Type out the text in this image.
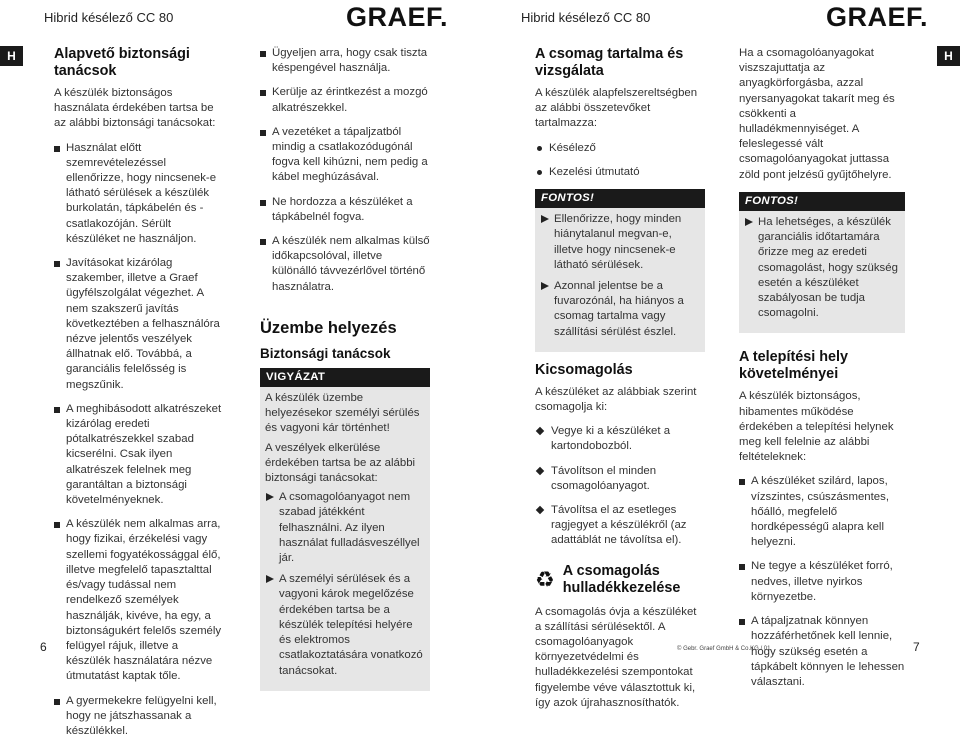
Hibrid késélező CC 80	GRAEF.
H	Alapvető biztonsági tanácsok

A készülék biztonságos használata érdekében tartsa be az alábbi biztonsági tanácsokat:

Használat előtt szemrevételezéssel ellenőrizze, hogy nincsenek-e látható sérülések a készülék burkolatán, tápkábelén és -csatlakozóján. Sérült készüléket ne használjon.
Javításokat kizárólag szakember, illetve a Graef ügyfélszolgálat végezhet. A nem szakszerű javítás következtében a felhasználóra nézve jelentős veszélyek állhatnak elő. Továbbá, a garanciális felelősség is megszűnik.
A meghibásodott alkatrészeket kizárólag eredeti pótalkatrészekkel szabad kicserélni. Csak ilyen alkatrészek felelnek meg garantáltan a biztonsági követelményeknek.
A készülék nem alkalmas arra, hogy fizikai, érzékelési vagy szellemi fogyatékossággal élő, illetve megfelelő tapasztalttal és/vagy tudással nem rendelkező személyek használják, kivéve, ha egy, a biztonságukért felelős személy felügyel rájuk, illetve a készülék használatára nézve útmutatást kaptak tőle.
A gyermekekre felügyelni kell, hogy ne játszhassanak a készülékkel.
Ügyeljen arra, hogy csak tiszta késpengével használja.
Kerülje az érintkezést a mozgó alkatrészekkel.
A vezetéket a tápaljzatból mindig a csatlakozódugónál fogva kell kihúzni, nem pedig a kábel meghúzásával.
Ne hordozza a készüléket a tápkábelnél fogva.
A készülék nem alkalmas külső időkapcsolóval, illetve különálló távvezérlővel történő használatra.
Üzembe helyezés
Biztonsági tanácsok
VIGYÁZAT

A készülék üzembe helyezésekor személyi sérülés és vagyoni kár történhet!

A veszélyek elkerülése érdekében tartsa be az alábbi biztonsági tanácsokat:

A csomagolóanyagot nem szabad játékként felhasználni. Az ilyen használat fulladásveszéllyel jár.
A személyi sérülések és a vagyoni károk megelőzése érdekében tartsa be a készülék telepítési helyére és elektromos csatlakoztatására vonatkozó tanácsokat.
6
Hibrid késélező CC 80	GRAEF.
H
A csomag tartalma és vizsgálata

A készülék alapfelszereltségben az alábbi összetevőket tartalmazza:

Késélező
Kezelési útmutató
FONTOS!
Ellenőrizze, hogy minden hiánytalanul megvan-e, illetve hogy nincsenek-e látható sérülések.
Azonnal jelentse be a fuvarozónál, ha hiányos a csomag tartalma vagy szállítási sérülést észlel.
Kicsomagolás

A készüléket az alábbiak szerint csomagolja ki:

Vegye ki a készüléket a kartondobozból.
Távolítson el minden csomagolóanyagot.
Távolítsa el az esetleges ragjegyet a készülékről (az adattáblát ne távolítsa el).
♻ A csomagolás hulladékkezelése

A csomagolás óvja a készüléket a szállítási sérülésektől. A csomagolóanyagok környezetvédelmi és hulladékkezelési szempontokat figyelembe véve választottuk ki, így azok újrahasznosíthatók.

Ha a csomagolóanyagokat viszszajuttatja az anyagkörforgásba, azzal nyersanyagokat takarít meg és csökkenti a hulladékmennyiséget. A feleslegessé vált csomagolóanyagokat juttassa zöld pont jelzésű gyűjtőhelyre.

FONTOS!
Ha lehetséges, a készülék garanciális időtartamára őrizze meg az eredeti csomagolást, hogy szükség esetén a készüléket szabályosan be tudja csomagolni.
A telepítési hely követelményei

A készülék biztonságos, hibamentes működése érdekében a telepítési helynek meg kell felelnie az alábbi feltételeknek:

A készüléket szilárd, lapos, vízszintes, csúszásmentes, hőálló, megfelelő hordképességű alapra kell helyezni.
Ne tegye a készüléket forró, nedves, illetve nyirkos környezetbe.
A tápaljzatnak könnyen hozzáférhetőnek kell lennie, hogy szükség esetén a tápkábelt könnyen le lehessen választani.
7
© Gebr. Graef GmbH & Co.KG / 01
